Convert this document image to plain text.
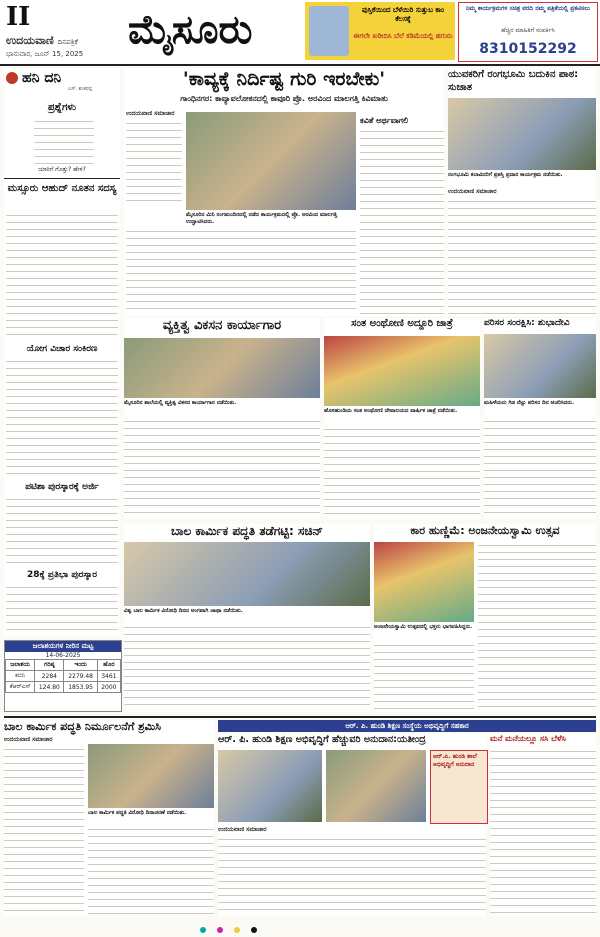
II
ಉದಯವಾಣಿ ದಿನಪತ್ರಿಕೆ
ಭಾನುವಾರ, ಜೂನ್ 15, 2025
ಮೈಸೂರು	ಪುಸ್ತಿಕೆಯಿಂದ ಬೆಳೆಯಿರಿ ಸುತ್ತುಬ ಕಾಂ ಕೆಲಸಕ್ಕೆ
ಈಗಲೇ ಖರೀದಿಸಿ ಬೆಲೆ ಕಡಿಮೆಯಲ್ಲಿ ಹಗುರು
ನಿಮ್ಮ ಕಾರ್ಯಕ್ರಮಗಳ ಸಚಿತ್ರ ವರದಿ ನಮ್ಮ ಪತ್ರಿಕೆಯಲ್ಲಿ ಪ್ರಕಟಿಸಲು
ಹೆಚ್ಚಿನ ಮಾಹಿತಿಗೆ ಸಂಪರ್ಕಿಸಿ
8310152292
ಹನಿ ದನಿ
ಎಸ್. ಶಂಕರಪ್ಪ
ಪ್ರಶ್ನೆಗಳು
ಯಾರಿಗೆ ಗೊತ್ತು? ಹೇಳಿ?
ಮಸ್ಸೂರು ಆಹುದ್ ನೂತನ ಸದಸ್ಯ
ಯೋಗ ವಿಚಾರ ಸಂಕಿರಣ
ಪಟಿಶಾ ಪುರಸ್ಕಾರಕ್ಕೆ ಅರ್ಜಿ
28ಕ್ಕೆ ಪ್ರತಿಭಾ ಪುರಸ್ಕಾರ
ಜಲಾಶಯಗಳ ನೀರಿನ ಮಟ್ಟ
14-06-2025
ಜಲಾಶಯ	ಗರಿಷ್ಠ	ಇಂದು	ಹೊರ
ಕಬಿನಿ	2284	2279.48	3461
ಕೆಆರ್‌ಎಸ್	124.80	1853.95	2000
'ಕಾವ್ಯಕ್ಕೆ ನಿರ್ದಿಷ್ಟ ಗುರಿ ಇರಬೇಕು'
ಗಾಂಧಿನಗರ: ಕಾವ್ಯಾವಲೋಕನದಲ್ಲಿ ಕಾವೂರಿ ಪ್ರೊ. ಅರವಿಂದ ಮಾಲಗತ್ತಿ ಕಿವಿಮಾತು
ಉದಯವಾಣಿ ಸಮಾಚಾರ
ಮೈಸೂರಿನ ಮಿನಿ ರಂಗಮಂದಿರದಲ್ಲಿ ನಡೆದ ಕಾರ್ಯಕ್ರಮದಲ್ಲಿ ಪ್ರೊ. ಅರವಿಂದ ಮಾಲಗತ್ತಿ ಉದ್ಘಾಟಿಸಿದರು.
ಕವಿತೆ ಅರ್ಥವಾಗಲಿ
ಯುವಕರಿಗೆ ರಂಗಭೂಮಿ ಬದುಕಿನ ಪಾಠ: ಸುಜಾತ
ರಂಗಭೂಮಿ ಕಲಾವಿದರಿಗೆ ಪ್ರಶಸ್ತಿ ಪ್ರದಾನ ಕಾರ್ಯಕ್ರಮ ನಡೆಯಿತು.
ಉದಯವಾಣಿ ಸಮಾಚಾರ
ವ್ಯಕ್ತಿತ್ವ ವಿಕಸನ ಕಾರ್ಯಾಗಾರ
ಮೈಸೂರಿನ ಶಾಲೆಯಲ್ಲಿ ವ್ಯಕ್ತಿತ್ವ ವಿಕಸನ ಕಾರ್ಯಾಗಾರ ನಡೆಯಿತು.
ಸಂತ ಅಂಥೋಣಿ ಅದ್ದೂರಿ ಜಾತ್ರೆ
ಹೊಸಹುಂಡಿಯ ಸಂತ ಅಂಥೋಣಿ ದೇವಾಲಯದ ವಾರ್ಷಿಕ ಜಾತ್ರೆ ನಡೆಯಿತು.
ಪರಿಸರ ಸಂರಕ್ಷಿಸಿ: ಶುಭಾದೇವಿ
ಮಹಿಳೆಯರು ಗಿಡ ನೆಟ್ಟು ಪರಿಸರ ದಿನ ಆಚರಿಸಿದರು.
ಬಾಲ ಕಾರ್ಮಿಕ ಪದ್ಧತಿ ತಡೆಗಟ್ಟಿ: ಸಚಿನ್
ವಿಶ್ವ ಬಾಲ ಕಾರ್ಮಿಕ ವಿರೋಧಿ ದಿನದ ಅಂಗವಾಗಿ ಜಾಥಾ ನಡೆಯಿತು.
ಕಾರ ಹುಣ್ಣಿಮೆ: ಅಂಜನೇಯಸ್ವಾಮಿ ಉತ್ಸವ
ಅಂಜನೇಯಸ್ವಾಮಿ ಉತ್ಸವದಲ್ಲಿ ಭಕ್ತರು ಭಾಗವಹಿಸಿದ್ದರು.
ಬಾಲ ಕಾರ್ಮಿಕ ಪದ್ಧತಿ ನಿರ್ಮೂಲನೆಗೆ ಶ್ರಮಿಸಿ
ಉದಯವಾಣಿ ಸಮಾಚಾರ
ಬಾಲ ಕಾರ್ಮಿಕ ಪದ್ಧತಿ ವಿರೋಧಿ ದಿನಾಚರಣೆ ನಡೆಯಿತು.
ಆರ್. ಪಿ. ಹುಂಡಿ ಶಿಕ್ಷಣ ಸಂಸ್ಥೆಯ ಅಭಿವೃದ್ಧಿಗೆ ಸಹಕಾರ
ಆರ್. ಪಿ. ಹುಂಡಿ ಶಿಕ್ಷಣ ಅಭಿವೃದ್ಧಿಗೆ ಹೆಚ್ಚುವರಿ ಅನುದಾನ:ಯತೀಂದ್ರ
ಆರ್.ಪಿ. ಹುಂಡಿ ಶಾಲೆ ಅಭಿವೃದ್ಧಿಗೆ ಅನುದಾನ
ಉದಯವಾಣಿ ಸಮಾಚಾರ
ಮನೆ ಮನೆಯಲ್ಲೂ ಸಸಿ ಬೆಳೆಸಿ
